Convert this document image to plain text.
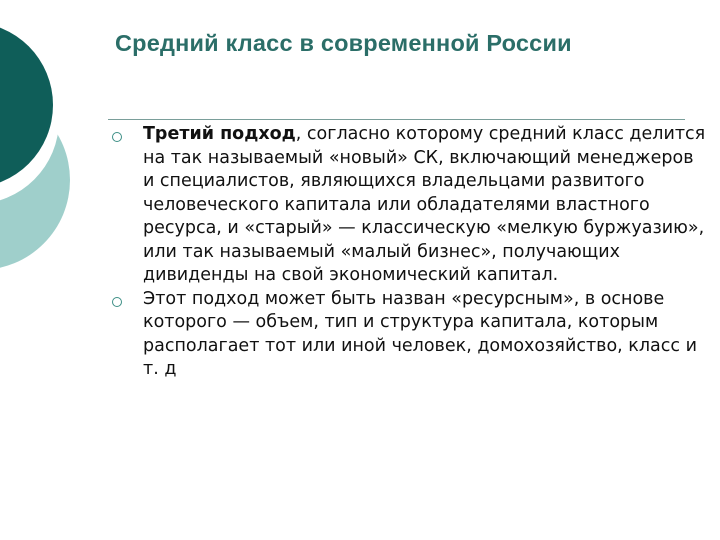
Средний класс в современной России
Третий подход, согласно которому средний класс делится на так называемый «новый» СК, включающий менеджеров и специалистов, являющихся владельцами развитого человеческого капитала или обладателями властного ресурса, и «старый» — классическую «мелкую буржуазию», или так называемый «малый бизнес», получающих дивиденды на свой экономический капитал.
Этот подход может быть назван «ресурсным», в основе которого — объем, тип и структура капитала, которым располагает тот или иной человек, домохозяйство, класс и т. д
